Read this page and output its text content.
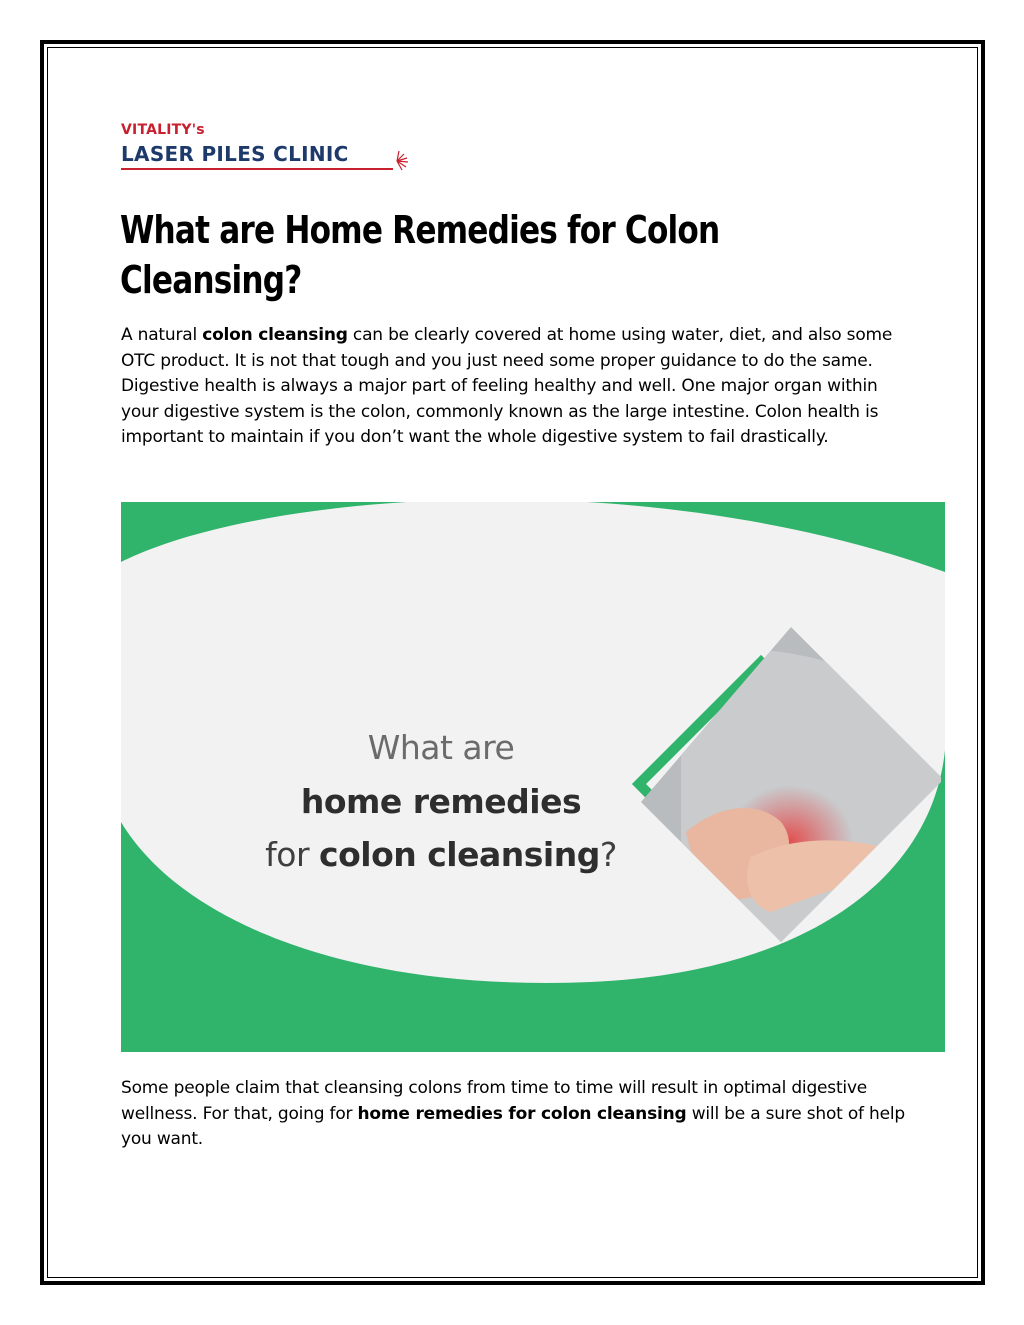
VITALITY's
LASER PILES CLINIC
What are Home Remedies for Colon Cleansing?

A natural colon cleansing can be clearly covered at home using water, diet, and also some OTC product. It is not that tough and you just need some proper guidance to do the same. Digestive health is always a major part of feeling healthy and well. One major organ within your digestive system is the colon, commonly known as the large intestine. Colon health is important to maintain if you don’t want the whole digestive system to fail drastically.

What are
home remedies
for colon cleansing?

Some people claim that cleansing colons from time to time will result in optimal digestive wellness. For that, going for home remedies for colon cleansing will be a sure shot of help you want.
